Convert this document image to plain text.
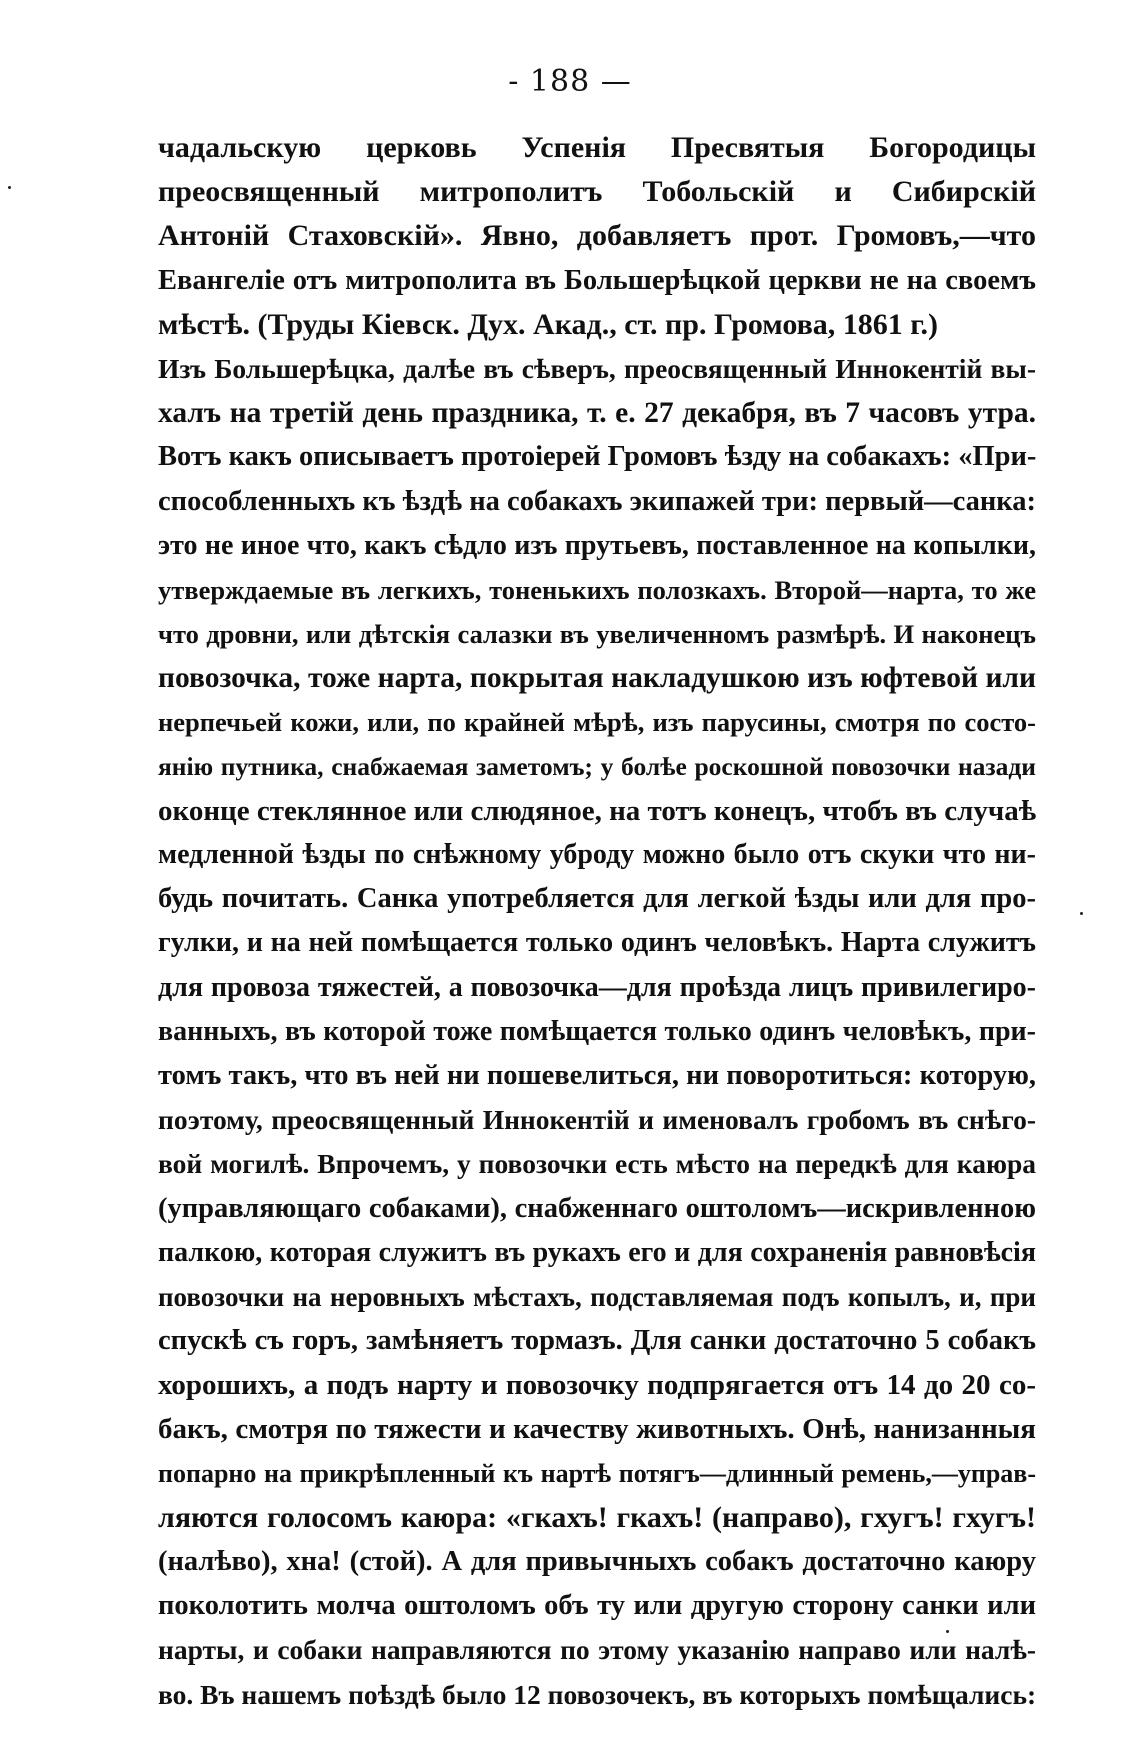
- 188 —
чадальскую церковь Успенія Пресвятыя Богородицы
преосвященный митрополитъ Тобольскій и Сибирскій
Антоній Стаховскій». Явно, добавляетъ прот. Громовъ,—что
Евангеліе отъ митрополита въ Большерѣцкой церкви не на своемъ
мѣстѣ. (Труды Кіевск. Дух. Акад., ст. пр. Громова, 1861 г.)
Изъ Большерѣцка, далѣе въ сѣверъ, преосвященный Иннокентій вы-
халъ на третій день праздника, т. е. 27 декабря, въ 7 часовъ утра.
Вотъ какъ описываетъ протоіерей Громовъ ѣзду на собакахъ: «При-
способленныхъ къ ѣздѣ на собакахъ экипажей три: первый—санка:
это не иное что, какъ сѣдло изъ прутьевъ, поставленное на копылки,
утверждаемые въ легкихъ, тоненькихъ полозкахъ. Второй—нарта, то же
что дровни, или дѣтскія салазки въ увеличенномъ размѣрѣ. И наконецъ
повозочка, тоже нарта, покрытая накладушкою изъ юфтевой или
нерпечьей кожи, или, по крайней мѣрѣ, изъ парусины, смотря по состо-
янію путника, снабжаемая заметомъ; у болѣе роскошной повозочки назади
оконце стеклянное или слюдяное, на тотъ конецъ, чтобъ въ случаѣ
медленной ѣзды по снѣжному уброду можно было отъ скуки что ни-
будь почитать. Санка употребляется для легкой ѣзды или для про-
гулки, и на ней помѣщается только одинъ человѣкъ. Нарта служитъ
для провоза тяжестей, а повозочка—для проѣзда лицъ привилегиро-
ванныхъ, въ которой тоже помѣщается только одинъ человѣкъ, при-
томъ такъ, что въ ней ни пошевелиться, ни поворотиться: которую,
поэтому, преосвященный Иннокентій и именовалъ гробомъ въ снѣго-
вой могилѣ. Впрочемъ, у повозочки есть мѣсто на передкѣ для каюра
(управляющаго собаками), снабженнаго оштоломъ—искривленною
палкою, которая служитъ въ рукахъ его и для сохраненія равновѣсія
повозочки на неровныхъ мѣстахъ, подставляемая подъ копылъ, и, при
спускѣ съ горъ, замѣняетъ тормазъ. Для санки достаточно 5 собакъ
хорошихъ, а подъ нарту и повозочку подпрягается отъ 14 до 20 со-
бакъ, смотря по тяжести и качеству животныхъ. Онѣ, нанизанныя
попарно на прикрѣпленный къ нартѣ потягъ—длинный ремень,—управ-
ляются голосомъ каюра: «гкахъ! гкахъ! (направо), гхугъ! гхугъ!
(налѣво), хна! (стой). А для привычныхъ собакъ достаточно каюру
поколотить молча оштоломъ объ ту или другую сторону санки или
нарты, и собаки направляются по этому указанію направо или налѣ-
во. Въ нашемъ поѣздѣ было 12 повозочекъ, въ которыхъ помѣщались:
